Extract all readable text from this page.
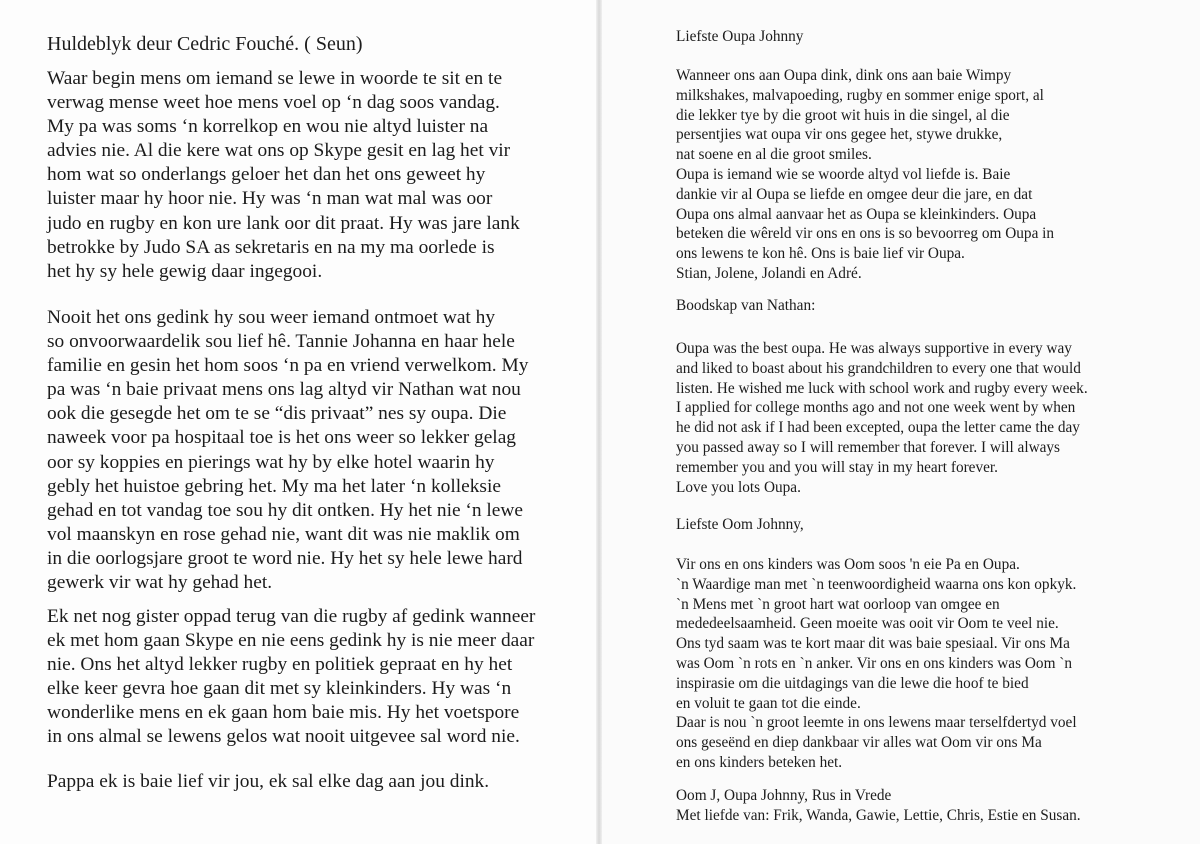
Huldeblyk deur Cedric Fouché. ( Seun)
Waar begin mens om iemand se lewe in woorde te sit en te
verwag mense weet hoe mens voel op ‘n dag soos vandag.
My pa was soms ‘n korrelkop en wou nie altyd luister na
advies nie. Al die kere wat ons op Skype gesit en lag het vir
hom wat so onderlangs geloer het dan het ons geweet hy
luister maar hy hoor nie. Hy was ‘n man wat mal was oor
judo en rugby en kon ure lank oor dit praat. Hy was jare lank
betrokke by Judo SA as sekretaris en na my ma oorlede is
het hy sy hele gewig daar ingegooi.
Nooit het ons gedink hy sou weer iemand ontmoet wat hy
so onvoorwaardelik sou lief hê. Tannie Johanna en haar hele
familie en gesin het hom soos ‘n pa en vriend verwelkom. My
pa was ‘n baie privaat mens ons lag altyd vir Nathan wat nou
ook die gesegde het om te se “dis privaat” nes sy oupa. Die
naweek voor pa hospitaal toe is het ons weer so lekker gelag
oor sy koppies en pierings wat hy by elke hotel waarin hy
gebly het huistoe gebring het. My ma het later ‘n kolleksie
gehad en tot vandag toe sou hy dit ontken. Hy het nie ‘n lewe
vol maanskyn en rose gehad nie, want dit was nie maklik om
in die oorlogsjare groot te word nie. Hy het sy hele lewe hard
gewerk vir wat hy gehad het.
Ek net nog gister oppad terug van die rugby af gedink wanneer
ek met hom gaan Skype en nie eens gedink hy is nie meer daar
nie. Ons het altyd lekker rugby en politiek gepraat en hy het
elke keer gevra hoe gaan dit met sy kleinkinders. Hy was ‘n
wonderlike mens en ek gaan hom baie mis. Hy het voetspore
in ons almal se lewens gelos wat nooit uitgevee sal word nie.
Pappa ek is baie lief vir jou, ek sal elke dag aan jou dink.
Liefste Oupa Johnny
Wanneer ons aan Oupa dink, dink ons aan baie Wimpy
milkshakes, malvapoeding, rugby en sommer enige sport, al
die lekker tye by die groot wit huis in die singel, al die
persentjies wat oupa vir ons gegee het, stywe drukke,
nat soene en al die groot smiles.
Oupa is iemand wie se woorde altyd vol liefde is. Baie
dankie vir al Oupa se liefde en omgee deur die jare, en dat
Oupa ons almal aanvaar het as Oupa se kleinkinders. Oupa
beteken die wêreld vir ons en ons is so bevoorreg om Oupa in
ons lewens te kon hê. Ons is baie lief vir Oupa.
Stian, Jolene, Jolandi en Adré.
Boodskap van Nathan:
Oupa was the best oupa. He was always supportive in every way
and liked to boast about his grandchildren to every one that would
listen. He wished me luck with school work and rugby every week.
I applied for college months ago and not one week went by when
he did not ask if I had been excepted, oupa the letter came the day
you passed away so I will remember that forever. I will always
remember you and you will stay in my heart forever.
Love you lots Oupa.
Liefste Oom Johnny,
Vir ons en ons kinders was Oom soos 'n eie Pa en Oupa.
`n Waardige man met `n teenwoordigheid waarna ons kon opkyk.
`n Mens met `n groot hart wat oorloop van omgee en
mededeelsaamheid. Geen moeite was ooit vir Oom te veel nie.
Ons tyd saam was te kort maar dit was baie spesiaal. Vir ons Ma
was Oom `n rots en `n anker. Vir ons en ons kinders was Oom `n
inspirasie om die uitdagings van die lewe die hoof te bied
en voluit te gaan tot die einde.
Daar is nou `n groot leemte in ons lewens maar terselfdertyd voel
ons geseënd en diep dankbaar vir alles wat Oom vir ons Ma
en ons kinders beteken het.
Oom J, Oupa Johnny, Rus in Vrede
Met liefde van: Frik, Wanda, Gawie, Lettie, Chris, Estie en Susan.
